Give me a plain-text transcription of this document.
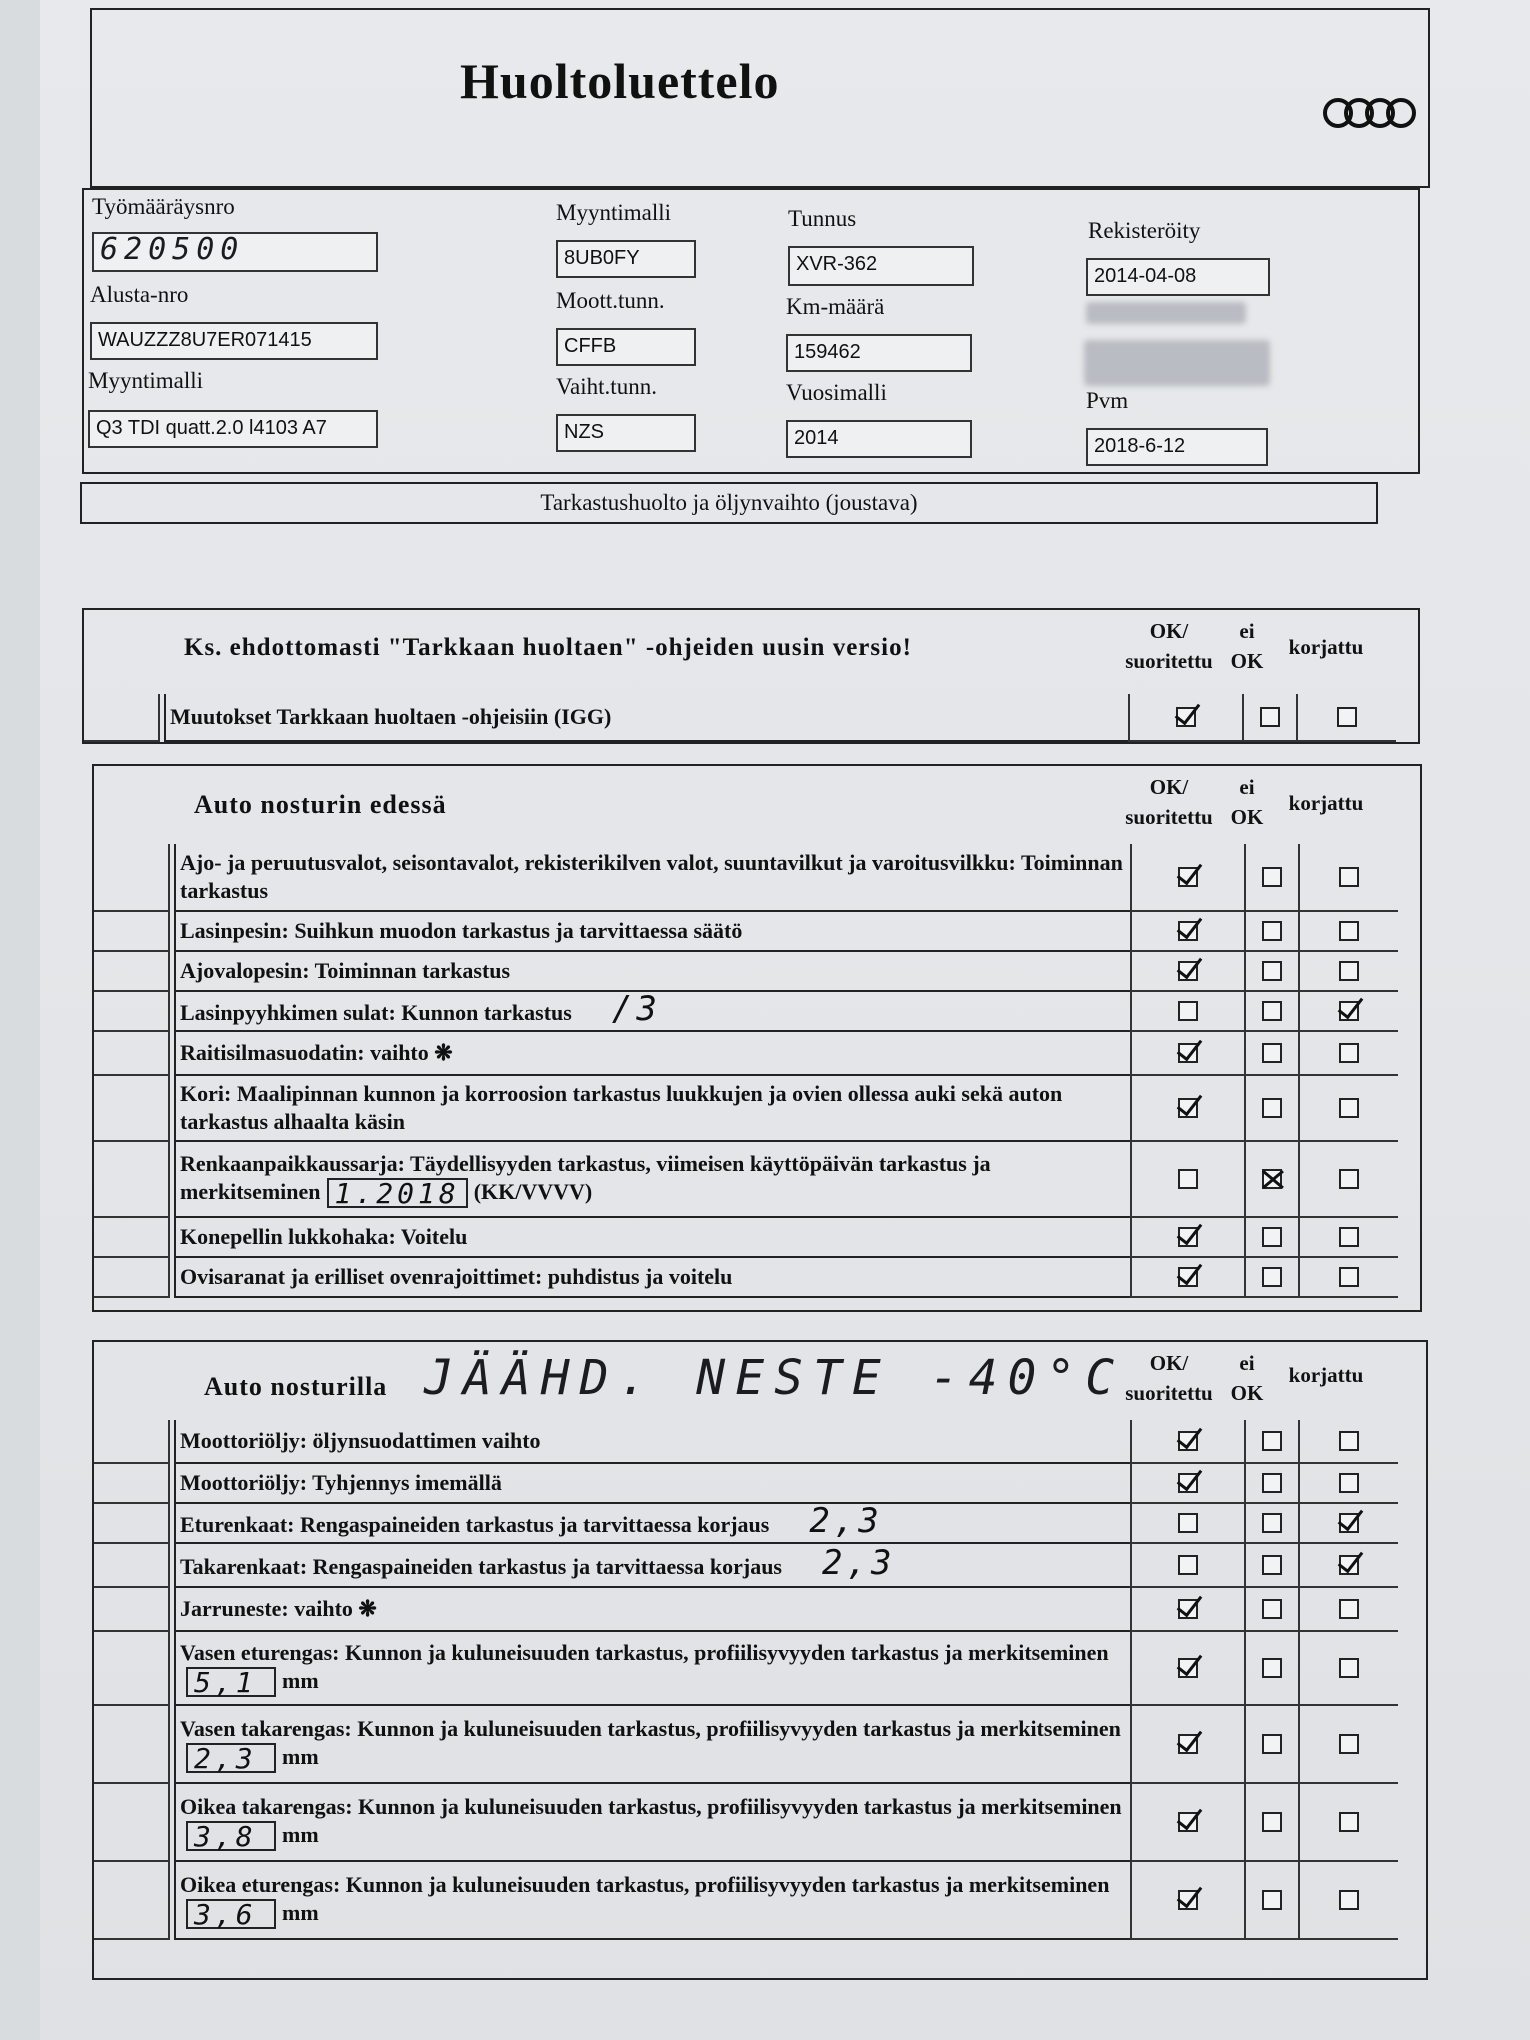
Huoltoluettelo
Työmääräysnro
620500
Alusta-nro
WAUZZZ8U7ER071415
Myyntimalli
Q3 TDI quatt.2.0 l4103 A7
Myyntimalli
8UB0FY
Moott.tunn.
CFFB
Vaiht.tunn.
NZS
Tunnus
XVR-362
Km-määrä
159462
Vuosimalli
2014
Rekisteröity
2014-04-08
Pvm
2018-6-12
Tarkastushuolto ja öljynvaihto (joustava)
Ks. ehdottomasti "Tarkkaan huoltaen" -ohjeiden uusin versio!
OK/ suoritettu
ei OK
korjattu
Muutokset Tarkkaan huoltaen -ohjeisiin (IGG)
Auto nosturin edessä
OK/ suoritettu
ei OK
korjattu
Ajo- ja peruutusvalot, seisontavalot, rekisterikilven valot, suuntavilkut ja varoitusvilkku: Toiminnan tarkastus
Lasinpesin: Suihkun muodon tarkastus ja tarvittaessa säätö
Ajovalopesin: Toiminnan tarkastus
Lasinpyyhkimen sulat: Kunnon tarkastus /3
Raitisilmasuodatin: vaihto ❋
Kori: Maalipinnan kunnon ja korroosion tarkastus luukkujen ja ovien ollessa auki sekä auton tarkastus alhaalta käsin
Renkaanpaikkaussarja: Täydellisyyden tarkastus, viimeisen käyttöpäivän tarkastus ja merkitseminen 1.2018 (KK/VVVV)
Konepellin lukkohaka: Voitelu
Ovisaranat ja erilliset ovenrajoittimet: puhdistus ja voitelu
Auto nosturilla JÄÄHD. NESTE -40°C	OK/ suoritettu
ei OK
korjattu
Moottoriöljy: öljynsuodattimen vaihto
Moottoriöljy: Tyhjennys imemällä
Eturenkaat: Rengaspaineiden tarkastus ja tarvittaessa korjaus 2,3
Takarenkaat: Rengaspaineiden tarkastus ja tarvittaessa korjaus 2,3
Jarruneste: vaihto ❋
Vasen eturengas: Kunnon ja kuluneisuuden tarkastus, profiilisyvyyden tarkastus ja merkitseminen5,1 mm
Vasen takarengas: Kunnon ja kuluneisuuden tarkastus, profiilisyvyyden tarkastus ja merkitseminen2,3 mm
Oikea takarengas: Kunnon ja kuluneisuuden tarkastus, profiilisyvyyden tarkastus ja merkitseminen3,8 mm
Oikea eturengas: Kunnon ja kuluneisuuden tarkastus, profiilisyvyyden tarkastus ja merkitseminen3,6 mm
